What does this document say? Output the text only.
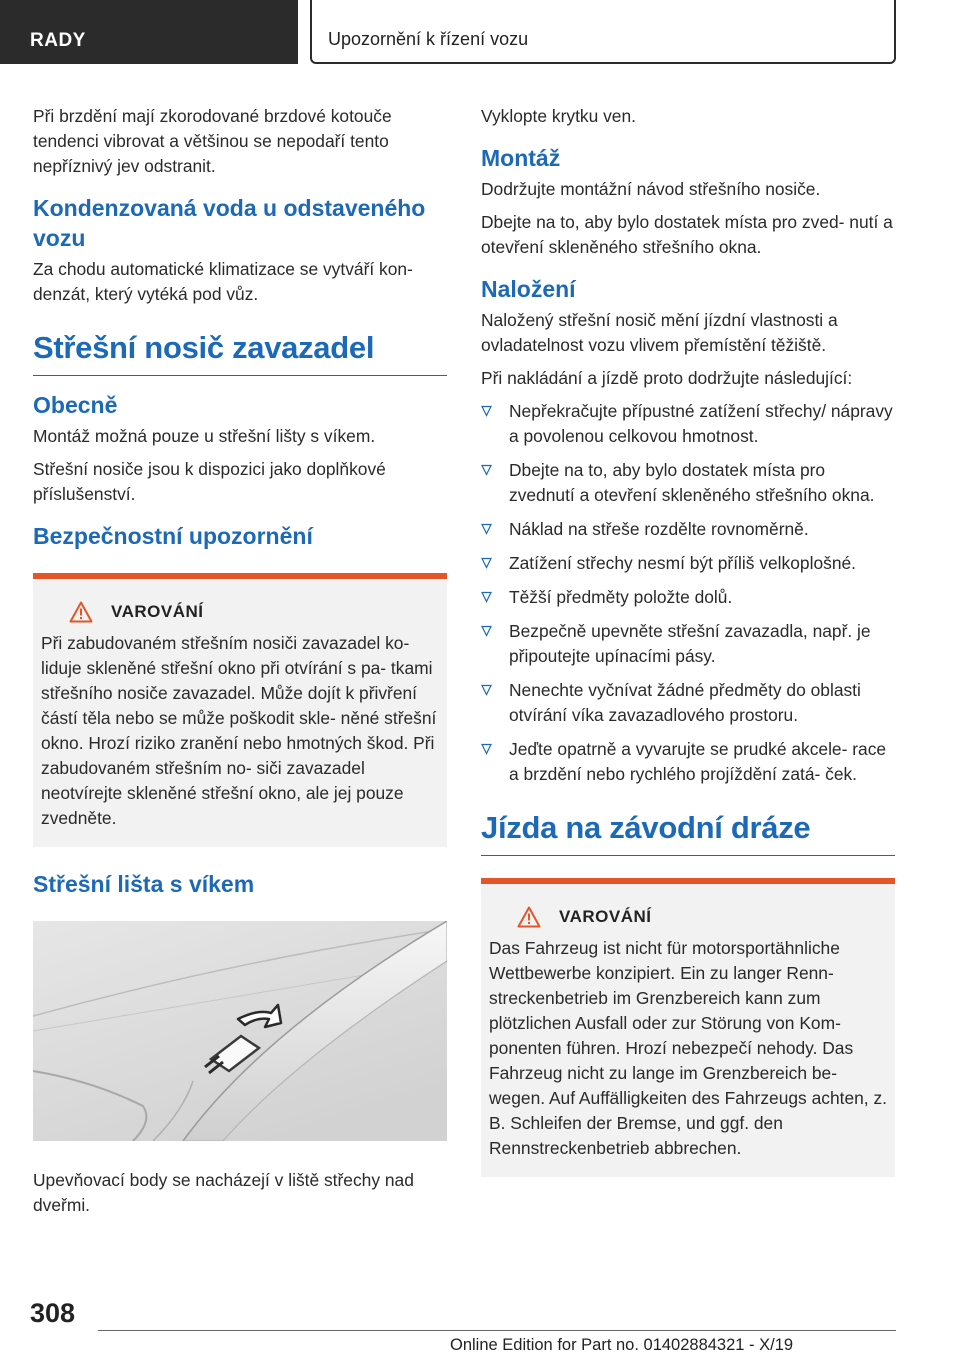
RADY	Upozornění k řízení vozu

Při brzdění mají zkorodované brzdové kotouče tendenci vibrovat a většinou se nepodaří tento nepříznivý jev odstranit.

Kondenzovaná voda u odstaveného vozu

Za chodu automatické klimatizace se vytváří kon- denzát, který vytéká pod vůz.

Střešní nosič zavazadel
Obecně

Montáž možná pouze u střešní lišty s víkem.

Střešní nosiče jsou k dispozici jako doplňkové příslušenství.

Bezpečnostní upozornění
VAROVÁNÍ

Při zabudovaném střešním nosiči zavazadel ko- liduje skleněné střešní okno při otvírání s pa- tkami střešního nosiče zavazadel. Může dojít k přivření částí těla nebo se může poškodit skle- něné střešní okno. Hrozí riziko zranění nebo hmotných škod. Při zabudovaném střešním no- siči zavazadel neotvírejte skleněné střešní okno, ale jej pouze zvedněte.

Střešní lišta s víkem

Upevňovací body se nacházejí v liště střechy nad dveřmi.

Vyklopte krytku ven.

Montáž

Dodržujte montážní návod střešního nosiče.

Dbejte na to, aby bylo dostatek místa pro zved- nutí a otevření skleněného střešního okna.

Naložení

Naložený střešní nosič mění jízdní vlastnosti a ovladatelnost vozu vlivem přemístění těžiště.

Při nakládání a jízdě proto dodržujte následující:

Nepřekračujte přípustné zatížení střechy/ nápravy a povolenou celkovou hmotnost.
Dbejte na to, aby bylo dostatek místa pro zvednutí a otevření skleněného střešního okna.
Náklad na střeše rozdělte rovnoměrně.
Zatížení střechy nesmí být příliš velkoplošné.
Těžší předměty položte dolů.
Bezpečně upevněte střešní zavazadla, např. je připoutejte upínacími pásy.
Nenechte vyčnívat žádné předměty do oblasti otvírání víka zavazadlového prostoru.
Jeďte opatrně a vyvarujte se prudké akcele- race a brzdění nebo rychlého projíždění zatá- ček.
Jízda na závodní dráze
VAROVÁNÍ

Das Fahrzeug ist nicht für motorsportähnliche Wettbewerbe konzipiert. Ein zu langer Renn- streckenbetrieb im Grenzbereich kann zum plötzlichen Ausfall oder zur Störung von Kom- ponenten führen. Hrozí nebezpečí nehody. Das Fahrzeug nicht zu lange im Grenzbereich be- wegen. Auf Auffälligkeiten des Fahrzeugs achten, z. B. Schleifen der Bremse, und ggf. den Rennstreckenbetrieb abbrechen.

308
Online Edition for Part no. 01402884321 - X/19
